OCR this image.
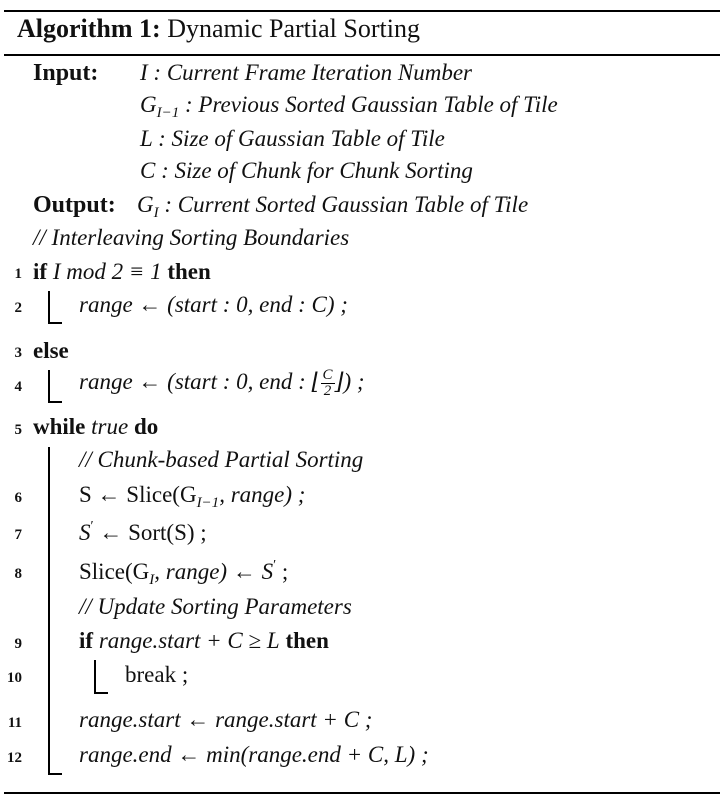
Algorithm 1: Dynamic Partial Sorting
Input: I : Current Frame Iteration Number
$G_{I-1}$ : Previous Sorted Gaussian Table of Tile
L : Size of Gaussian Table of Tile
C : Size of Chunk for Chunk Sorting
Output: $G_I$ : Current Sorted Gaussian Table of Tile
// Interleaving Sorting Boundaries
1 if I mod 2 ≡ 1 then
2 range ← (start : 0, end : C) ;
3 else
4 range ← (start : 0, end : ⌊ $\frac{C}{2}$ ⌋) ;
5 while true do
// Chunk-based Partial Sorting
6 S ← $Slice(G_{I-1}$, range) ;
7 S′ ← Sort(S) ;
8 $Slice(G_I$, range) ← S′ ;
// Update Sorting Parameters
9 if range.start + C ≥ L then
10	break ;
11 range.start ← range.start + C ;
12 range.end ← min(range.end + C, L) ;
